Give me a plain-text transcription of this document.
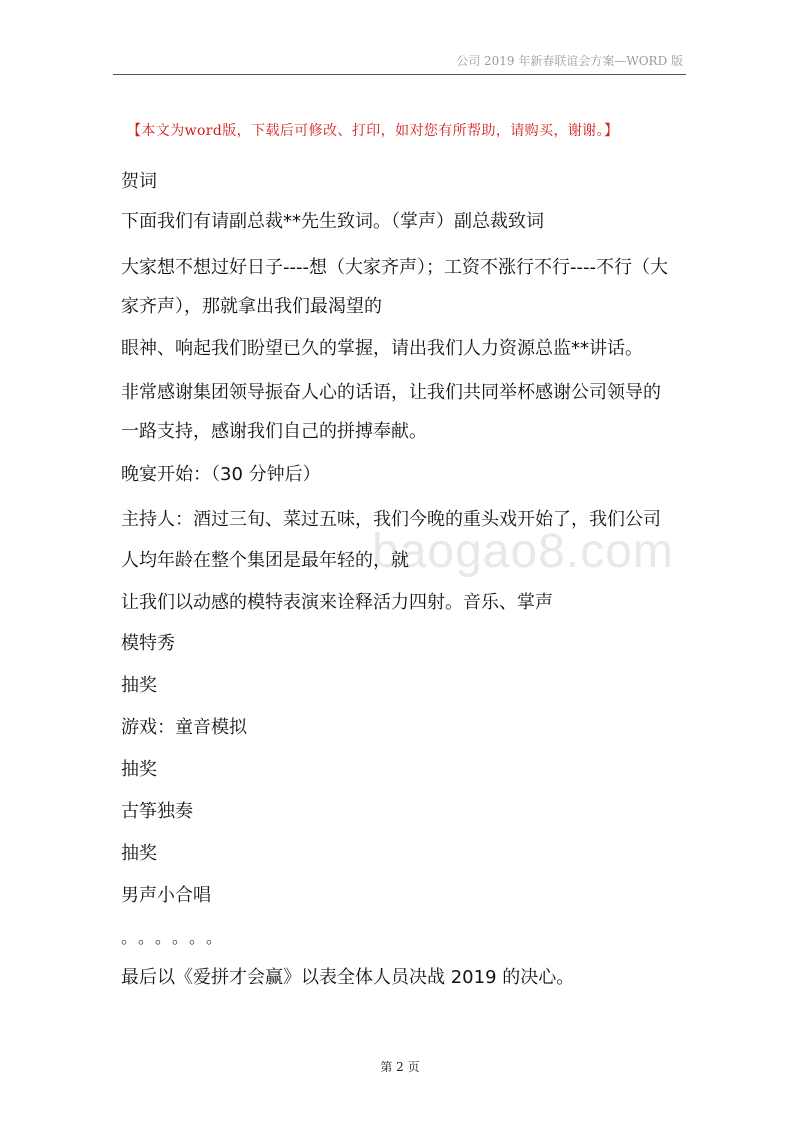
公司 2019 年新春联谊会方案—WORD 版
【本文为word版，下载后可修改、打印，如对您有所帮助，请购买，谢谢。】
baogao8.com
贺词
下面我们有请副总裁**先生致词。（掌声）副总裁致词
大家想不想过好日子----想（大家齐声）；工资不涨行不行----不行（大
家齐声），那就拿出我们最渴望的
眼神、响起我们盼望已久的掌握，请出我们人力资源总监**讲话。
非常感谢集团领导振奋人心的话语，让我们共同举杯感谢公司领导的
一路支持，感谢我们自己的拼搏奉献。
晚宴开始：（30 分钟后）
主持人：酒过三旬、菜过五味，我们今晚的重头戏开始了，我们公司
人均年龄在整个集团是最年轻的，就
让我们以动感的模特表演来诠释活力四射。音乐、掌声
模特秀
抽奖
游戏：童音模拟
抽奖
古筝独奏
抽奖
男声小合唱
。。。。。。
最后以《爱拼才会赢》以表全体人员决战 2019 的决心。
第 2 页
